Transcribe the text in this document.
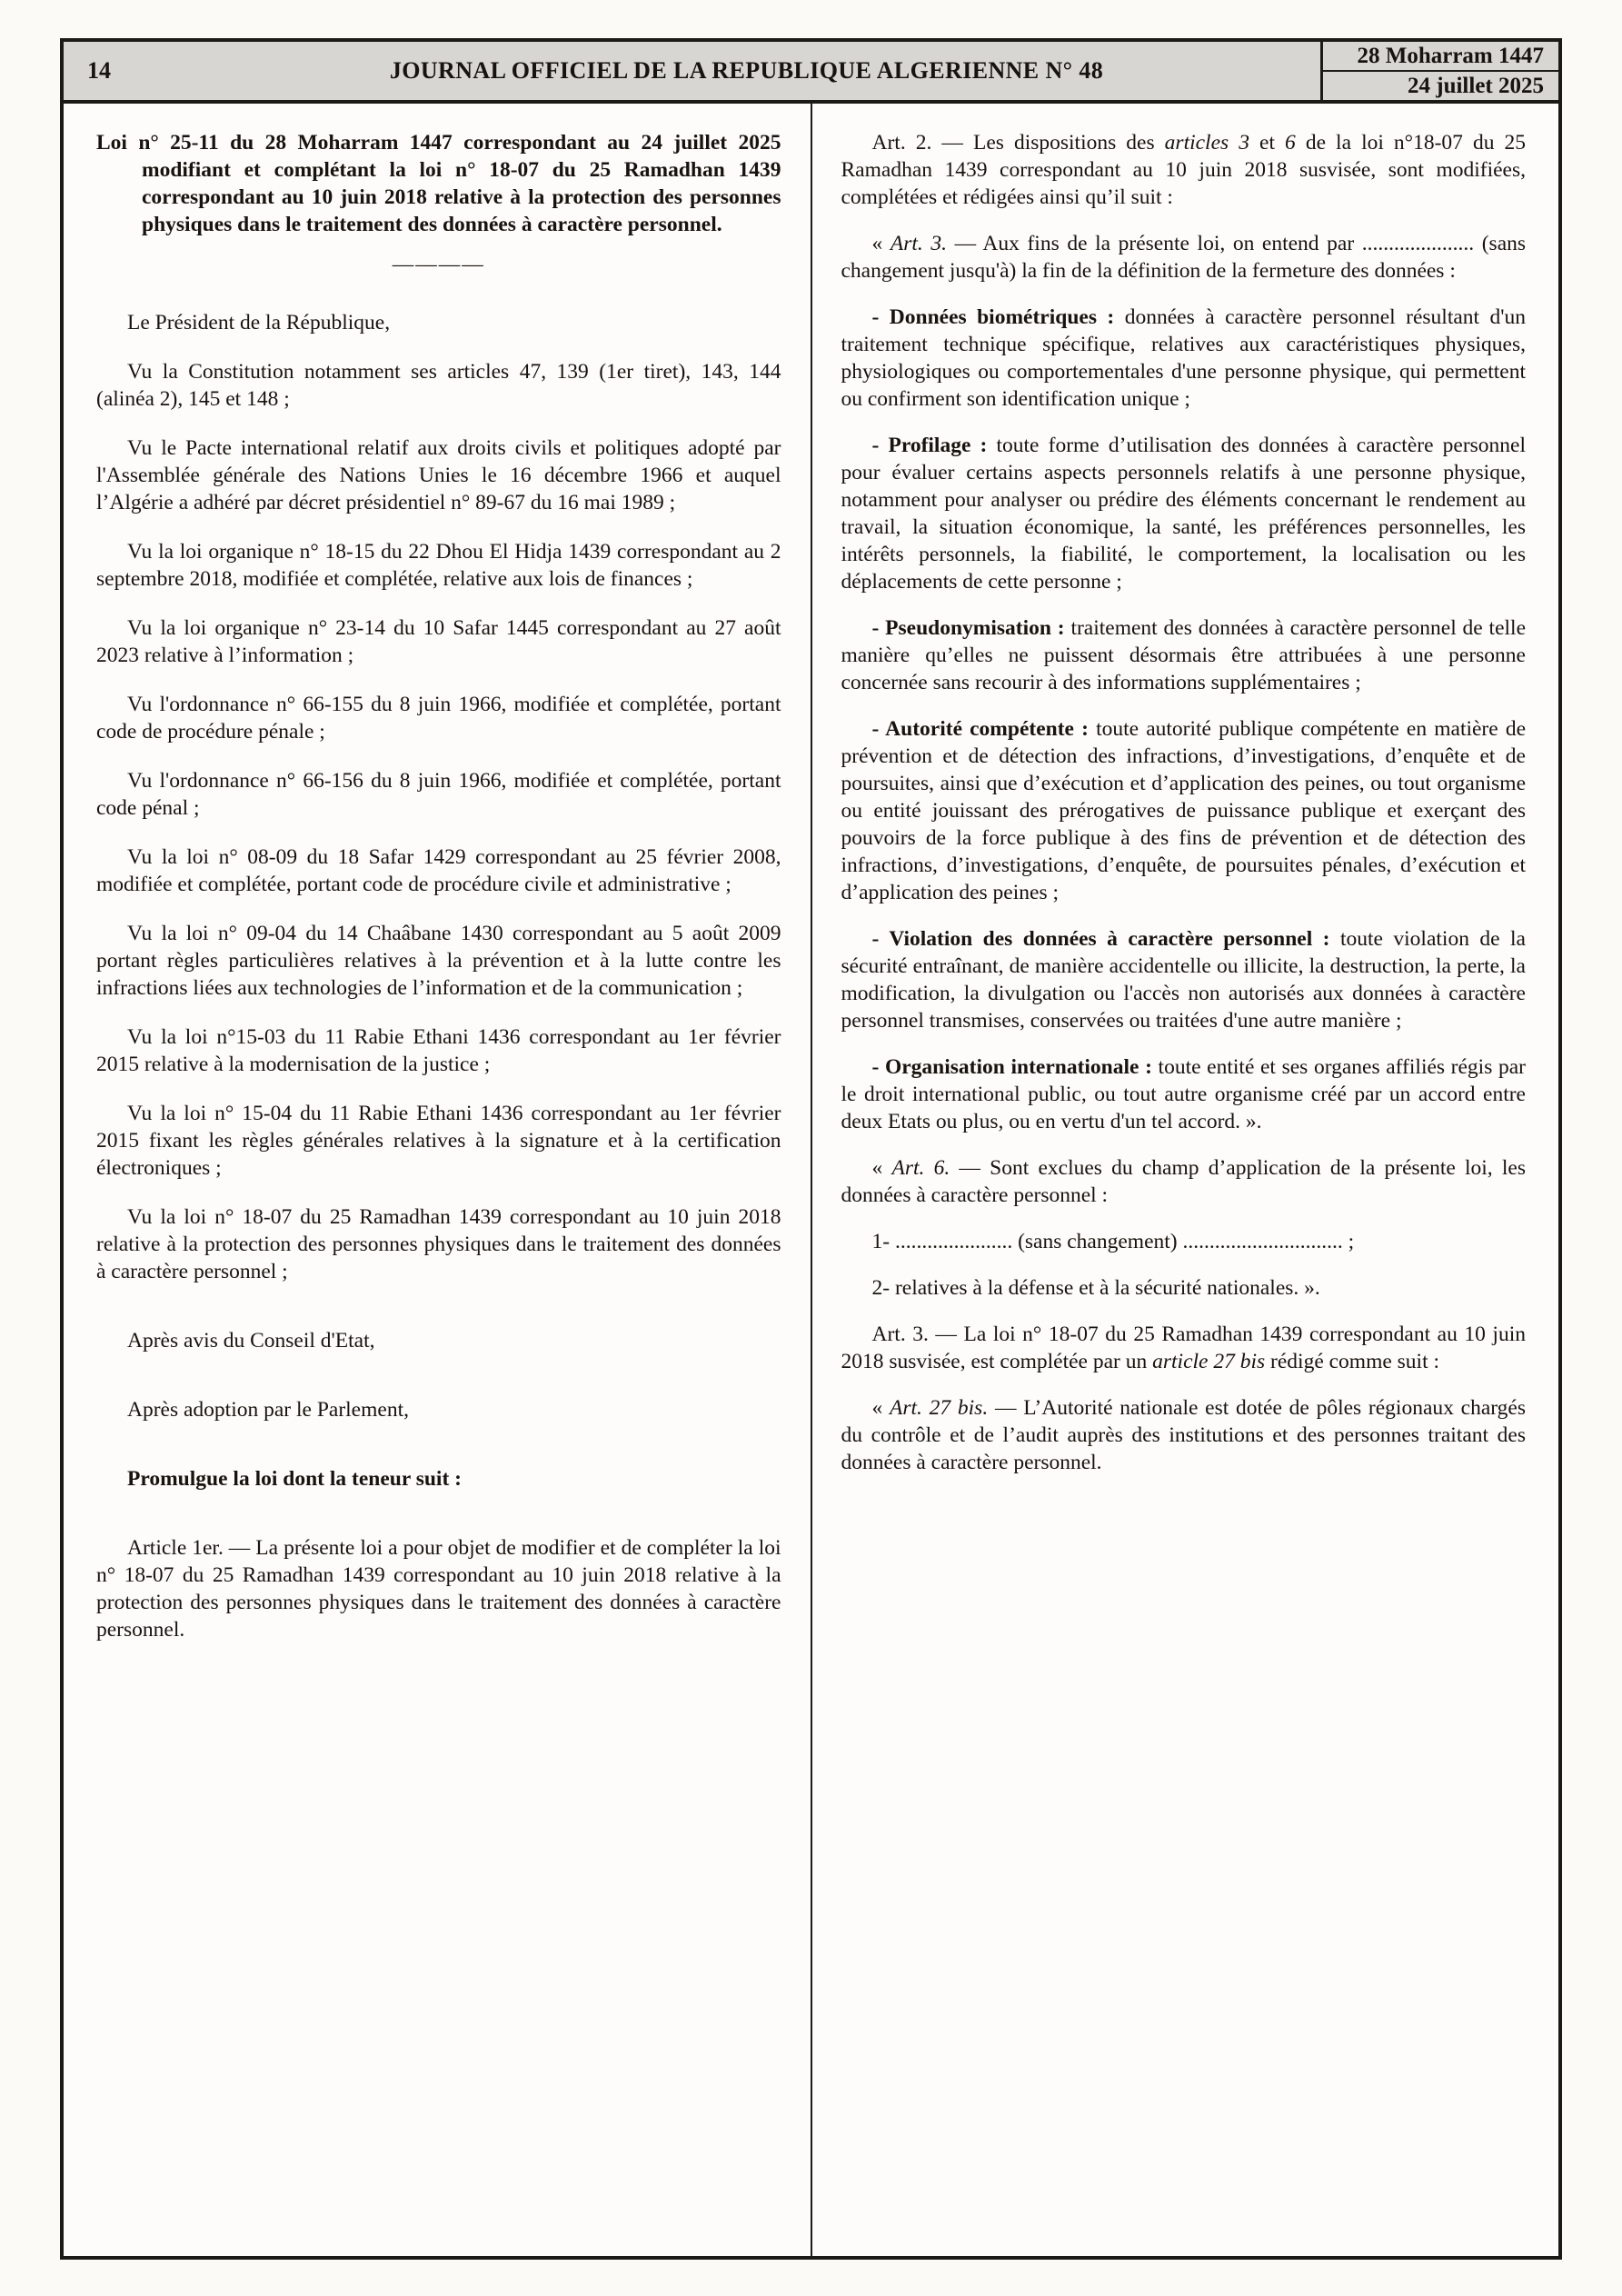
14	JOURNAL OFFICIEL DE LA REPUBLIQUE ALGERIENNE N° 48
28 Moharram 1447
24 juillet 2025

Loi n° 25-11 du 28 Moharram 1447 correspondant au 24 juillet 2025 modifiant et complétant la loi n° 18-07 du 25 Ramadhan 1439 correspondant au 10 juin 2018 relative à la protection des personnes physiques dans le traitement des données à caractère personnel.

————

Le Président de la République,

Vu la Constitution notamment ses articles 47, 139 (1er tiret), 143, 144 (alinéa 2), 145 et 148 ;

Vu le Pacte international relatif aux droits civils et politiques adopté par l'Assemblée générale des Nations Unies le 16 décembre 1966 et auquel l’Algérie a adhéré par décret présidentiel n° 89-67 du 16 mai 1989 ;

Vu la loi organique n° 18-15 du 22 Dhou El Hidja 1439 correspondant au 2 septembre 2018, modifiée et complétée, relative aux lois de finances ;

Vu la loi organique n° 23-14 du 10 Safar 1445 correspondant au 27 août 2023 relative à l’information ;

Vu l'ordonnance n° 66-155 du 8 juin 1966, modifiée et complétée, portant code de procédure pénale ;

Vu l'ordonnance n° 66-156 du 8 juin 1966, modifiée et complétée, portant code pénal ;

Vu la loi n° 08-09 du 18 Safar 1429 correspondant au 25 février 2008, modifiée et complétée, portant code de procédure civile et administrative ;

Vu la loi n° 09-04 du 14 Chaâbane 1430 correspondant au 5 août 2009 portant règles particulières relatives à la prévention et à la lutte contre les infractions liées aux technologies de l’information et de la communication ;

Vu la loi n°15-03 du 11 Rabie Ethani 1436 correspondant au 1er février 2015 relative à la modernisation de la justice ;

Vu la loi n° 15-04 du 11 Rabie Ethani 1436 correspondant au 1er février 2015 fixant les règles générales relatives à la signature et à la certification électroniques ;

Vu la loi n° 18-07 du 25 Ramadhan 1439 correspondant au 10 juin 2018 relative à la protection des personnes physiques dans le traitement des données à caractère personnel ;

Après avis du Conseil d'Etat,

Après adoption par le Parlement,

Promulgue la loi dont la teneur suit :

Article 1er. — La présente loi a pour objet de modifier et de compléter la loi n° 18-07 du 25 Ramadhan 1439 correspondant au 10 juin 2018 relative à la protection des personnes physiques dans le traitement des données à caractère personnel.

Art. 2. — Les dispositions des articles 3 et 6 de la loi n°18-07 du 25 Ramadhan 1439 correspondant au 10 juin 2018 susvisée, sont modifiées, complétées et rédigées ainsi qu’il suit :

« Art. 3. — Aux fins de la présente loi, on entend par ..................... (sans changement jusqu'à) la fin de la définition de la fermeture des données :

- Données biométriques : données à caractère personnel résultant d'un traitement technique spécifique, relatives aux caractéristiques physiques, physiologiques ou comportementales d'une personne physique, qui permettent ou confirment son identification unique ;

- Profilage : toute forme d’utilisation des données à caractère personnel pour évaluer certains aspects personnels relatifs à une personne physique, notamment pour analyser ou prédire des éléments concernant le rendement au travail, la situation économique, la santé, les préférences personnelles, les intérêts personnels, la fiabilité, le comportement, la localisation ou les déplacements de cette personne ;

- Pseudonymisation : traitement des données à caractère personnel de telle manière qu’elles ne puissent désormais être attribuées à une personne concernée sans recourir à des informations supplémentaires ;

- Autorité compétente : toute autorité publique compétente en matière de prévention et de détection des infractions, d’investigations, d’enquête et de poursuites, ainsi que d’exécution et d’application des peines, ou tout organisme ou entité jouissant des prérogatives de puissance publique et exerçant des pouvoirs de la force publique à des fins de prévention et de détection des infractions, d’investigations, d’enquête, de poursuites pénales, d’exécution et d’application des peines ;

- Violation des données à caractère personnel : toute violation de la sécurité entraînant, de manière accidentelle ou illicite, la destruction, la perte, la modification, la divulgation ou l'accès non autorisés aux données à caractère personnel transmises, conservées ou traitées d'une autre manière ;

- Organisation internationale : toute entité et ses organes affiliés régis par le droit international public, ou tout autre organisme créé par un accord entre deux Etats ou plus, ou en vertu d'un tel accord. ».

« Art. 6. — Sont exclues du champ d’application de la présente loi, les données à caractère personnel :

1- ...................... (sans changement) .............................. ;

2- relatives à la défense et à la sécurité nationales. ».

Art. 3. — La loi n° 18-07 du 25 Ramadhan 1439 correspondant au 10 juin 2018 susvisée, est complétée par un article 27 bis rédigé comme suit :

« Art. 27 bis. — L’Autorité nationale est dotée de pôles régionaux chargés du contrôle et de l’audit auprès des institutions et des personnes traitant des données à caractère personnel.
